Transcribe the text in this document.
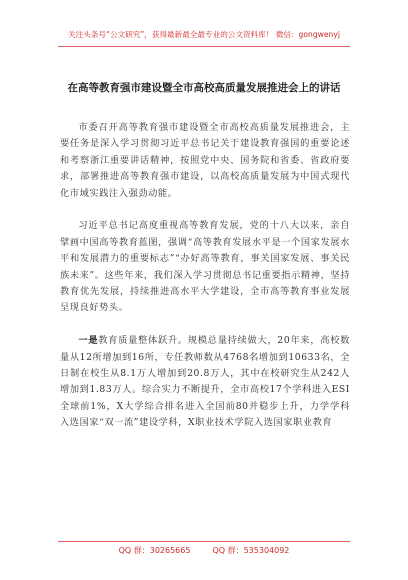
关注头条号“公文研究”，获得最新最全最专业的公文资料库！ 微信：gongwenyj
在高等教育强市建设暨全市高校高质量发展推进会上的讲话

市委召开高等教育强市建设暨全市高校高质量发展推进会，主要任务是深入学习贯彻习近平总书记关于建设教育强国的重要论述和考察浙江重要讲话精神，按照党中央、国务院和省委、省政府要求，部署推进高等教育强市建设，以高校高质量发展为中国式现代化市域实践注入强劲动能。

习近平总书记高度重视高等教育发展，党的十八大以来，亲自擘画中国高等教育蓝图，强调“高等教育发展水平是一个国家发展水平和发展潜力的重要标志”“办好高等教育，事关国家发展、事关民族未来”。这些年来，我们深入学习贯彻总书记重要指示精神，坚持教育优先发展，持续推进高水平大学建设，全市高等教育事业发展呈现良好势头。

一是教育质量整体跃升。规模总量持续做大，20年来，高校数量从12所增加到16所，专任教师数从4768名增加到10633名，全日制在校生从8.1万人增加到20.8万人，其中在校研究生从242人增加到1.83万人。综合实力不断提升，全市高校17个学科进入ESI全球前1%，X大学综合排名进入全国前80并稳步上升，力学学科入选国家“双一流”建设学科，X职业技术学院入选国家职业教育

QQ 群：30265665	QQ 群：535304092
